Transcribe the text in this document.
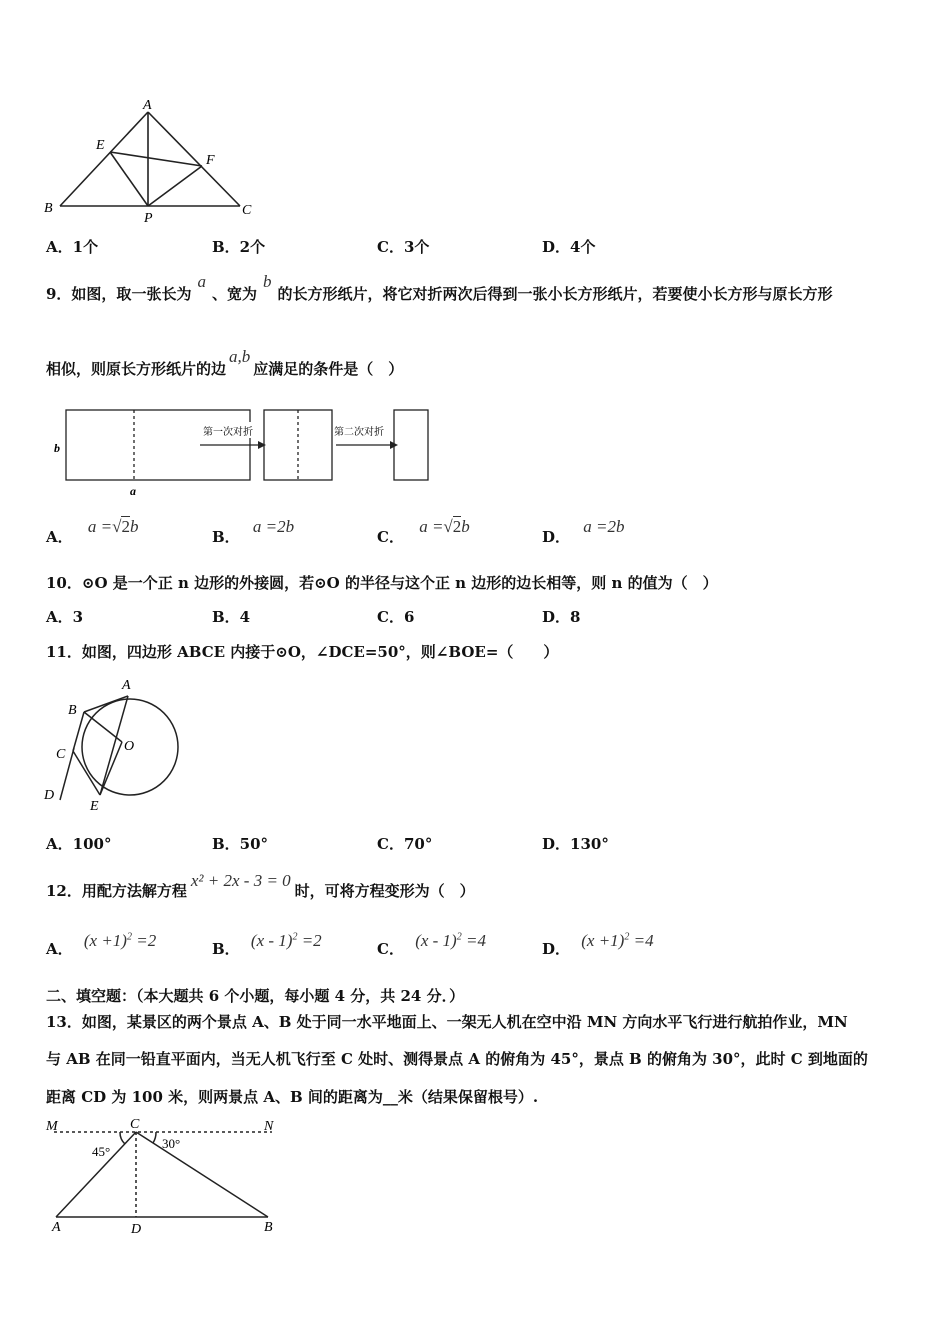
A
E
F
B	C
P
A．1个	B．2个	C．3个	D．4个
9．如图，取一张长为a、宽为b的长方形纸片，将它对折两次后得到一张小长方形纸片，若要使小长方形与原长方形
相似，则原长方形纸片的边a,b应满足的条件是（　）
b
a
第一次对折	第二次对折
A． a =√2b
B． a =2b
C． a =√2b
D． a =2b
10．⊙O 是一个正 n 边形的外接圆，若⊙O 的半径与这个正 n 边形的边长相等，则 n 的值为（　）
A．3	B．4	C．6	D．8
11．如图，四边形 ABCE 内接于⊙O，∠DCE=50°，则∠BOE=（　　）
A
B
O
C
D
E
A．100°	B．50°	C．70°	D．130°
12．用配方法解方程x² + 2x - 3 = 0时，可将方程变形为（　）
A． $(x +1)^2 =2$	B． (x - 1)$^2$ =2	C． (x - 1)$^2$ =4	D． $(x +1)^2 =4$
二、填空题：（本大题共 6 个小题，每小题 4 分，共 24 分．）
13．如图，某景区的两个景点 A、B 处于同一水平地面上、一架无人机在空中沿 MN 方向水平飞行进行航拍作业，MN
与 AB 在同一铅直平面内，当无人机飞行至 C 处时、测得景点 A 的俯角为 45°，景点 B 的俯角为 30°，此时 C 到地面的
距离 CD 为 100 米，则两景点 A、B 间的距离为__米（结果保留根号）.
M	C	N
45°
30°
A	D	B
